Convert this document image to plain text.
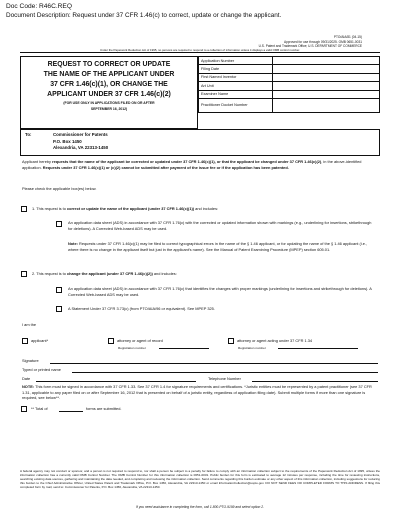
Doc Code: R46C.REQ
Document Description: Request under 37 CFR 1.46(c) to correct, update or change the applicant.
PTO/AIA/81 (04-15)
Approved for use through 09/31/2025. OMB 0651-0031
U.S. Patent and Trademark Office; U.S. DEPARTMENT OF COMMERCE
Under the Paperwork Reduction Act of 1995, no persons are required to respond to a collection of information unless it displays a valid OMB control number.
REQUEST TO CORRECT OR UPDATE
THE NAME OF THE APPLICANT UNDER
37 CFR 1.46(c)(1), OR CHANGE THE
APPLICANT UNDER 37 CFR 1.46(c)(2)
(FOR USE ONLY IN APPLICATIONS FILED ON OR AFTER
SEPTEMBER 16, 2012)
Application Number	
Filing Date	
First Named Inventor	
Art Unit	
Examiner Name	
Practitioner Docket Number	
To:	Commissioner for Patents
P.O. Box 1450
Alexandria, VA 22313-1450
Applicant hereby requests that the name of the applicant be corrected or updated under 37 CFR 1.46(c)(1), or that the applicant be changed under 37 CFR 1.46(c)(2), in the above-identified application. Requests under 37 CFR 1.46(c)(1) or (c)(2) cannot be submitted after payment of the issue fee or if the application has been patented.
Please check the applicable box(es) below.
1. This request is to correct or update the name of the applicant (under 37 CFR 1.46(c)(1)) and includes:
An application data sheet (ADS) in accordance with 37 CFR 1.76(c) with the corrected or updated information shown with markings (e.g., underlining for insertions, strikethrough for deletions). A Corrected Web-based ADS may be used.
Note: Requests under 37 CFR 1.46(c)(1) may be filed to correct typographical errors in the name of the § 1.46 applicant, or for updating the name of the § 1.46 applicant (i.e., where there is no change in the applicant itself but just in the applicant's name). See the Manual of Patent Examining Procedure (MPEP) section 605.01.
2. This request is to change the applicant (under 37 CFR 1.46(c)(2)) and includes:
An application data sheet (ADS) in accordance with 37 CFR 1.76(c) that identifies the changes with proper markings (underlining for insertions and strikethrough for deletions). A Corrected Web-based ADS may be used.
A Statement Under 37 CFR 3.73(c) (from PTO/AIA/96 or equivalent). See MPEP 325.
I am the
applicant*	attorney or agent of record
Registration number
attorney or agent acting under 37 CFR 1.34
Registration number
Signature
Typed or printed name
Date	Telephone Number
NOTE: This form must be signed in accordance with 37 CFR 1.33. See 37 CFR 1.4 for signature requirements and certifications. *Juristic entities must be represented by a patent practitioner (see 37 CFR 1.31, applicable to any paper filed on or after September 16, 2012 that is presented on behalf of a juristic entity, regardless of application filing date). Submit multiple forms if more than one signature is required, see below**.
** Total of	forms are submitted.
A federal agency may not conduct or sponsor, and a person is not required to respond to, nor shall a person be subject to a penalty for failure to comply with an information collection subject to the requirements of the Paperwork Reduction Act of 1995, unless the information collection has a currently valid OMB Control Number. The OMB Control Number for this information collection is 0651-0031. Public burden for this form is estimated to average 12 minutes per response, including the time for reviewing instructions, searching existing data sources, gathering and maintaining the data needed, and completing and reviewing the information collection. Send comments regarding this burden estimate or any other aspect of this information collection, including suggestions for reducing this burden to the Chief Administrative Officer, United States Patent and Trademark Office, P.O. Box 1450, Alexandria, VA 22313-1450 or email InformationCollection@uspto.gov. DO NOT SEND FEES OR COMPLETED FORMS TO THIS ADDRESS. If filing this completed form by mail, send to: Commissioner for Patents, P.O. Box 1450, Alexandria, VA 22313-1450.
If you need assistance in completing the form, call 1-800-PTO-9199 and select option 2.
